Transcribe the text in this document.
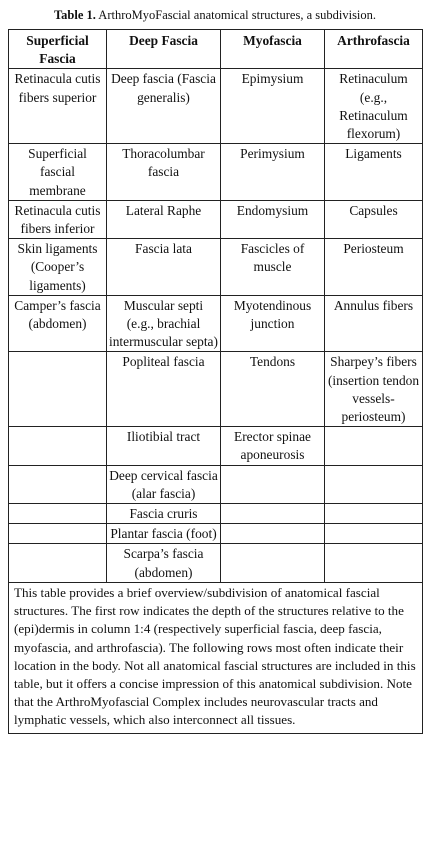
Table 1. ArthroMyoFascial anatomical structures, a subdivision.
Superficial Fascia	Deep Fascia	Myofascia	Arthrofascia
Retinacula cutis fibers superior	Deep fascia (Fascia generalis)	Epimysium	Retinaculum (e.g., Retinaculum flexorum)
Superficial fascial membrane	Thoracolumbar fascia	Perimysium	Ligaments
Retinacula cutis fibers inferior	Lateral Raphe	Endomysium	Capsules
Skin ligaments (Cooper’s ligaments)	Fascia lata	Fascicles of muscle	Periosteum
Camper’s fascia (abdomen)	Muscular septi (e.g., brachial intermuscular septa)	Myotendinous junction	Annulus fibers
	Popliteal fascia	Tendons	Sharpey’s fibers (insertion tendon vessels-periosteum)
	Iliotibial tract	Erector spinae aponeurosis	
	Deep cervical fascia (alar fascia)		
	Fascia cruris		
	Plantar fascia (foot)		
	Scarpa’s fascia (abdomen)		
This table provides a brief overview/subdivision of anatomical fascial structures. The first row indicates the depth of the structures relative to the (epi)dermis in column 1:4 (respectively superficial fascia, deep fascia, myofascia, and arthrofascia). The following rows most often indicate their location in the body. Not all anatomical fascial structures are included in this table, but it offers a concise impression of this anatomical subdivision. Note that the ArthroMyofascial Complex includes neurovascular tracts and lymphatic vessels, which also interconnect all tissues.			
